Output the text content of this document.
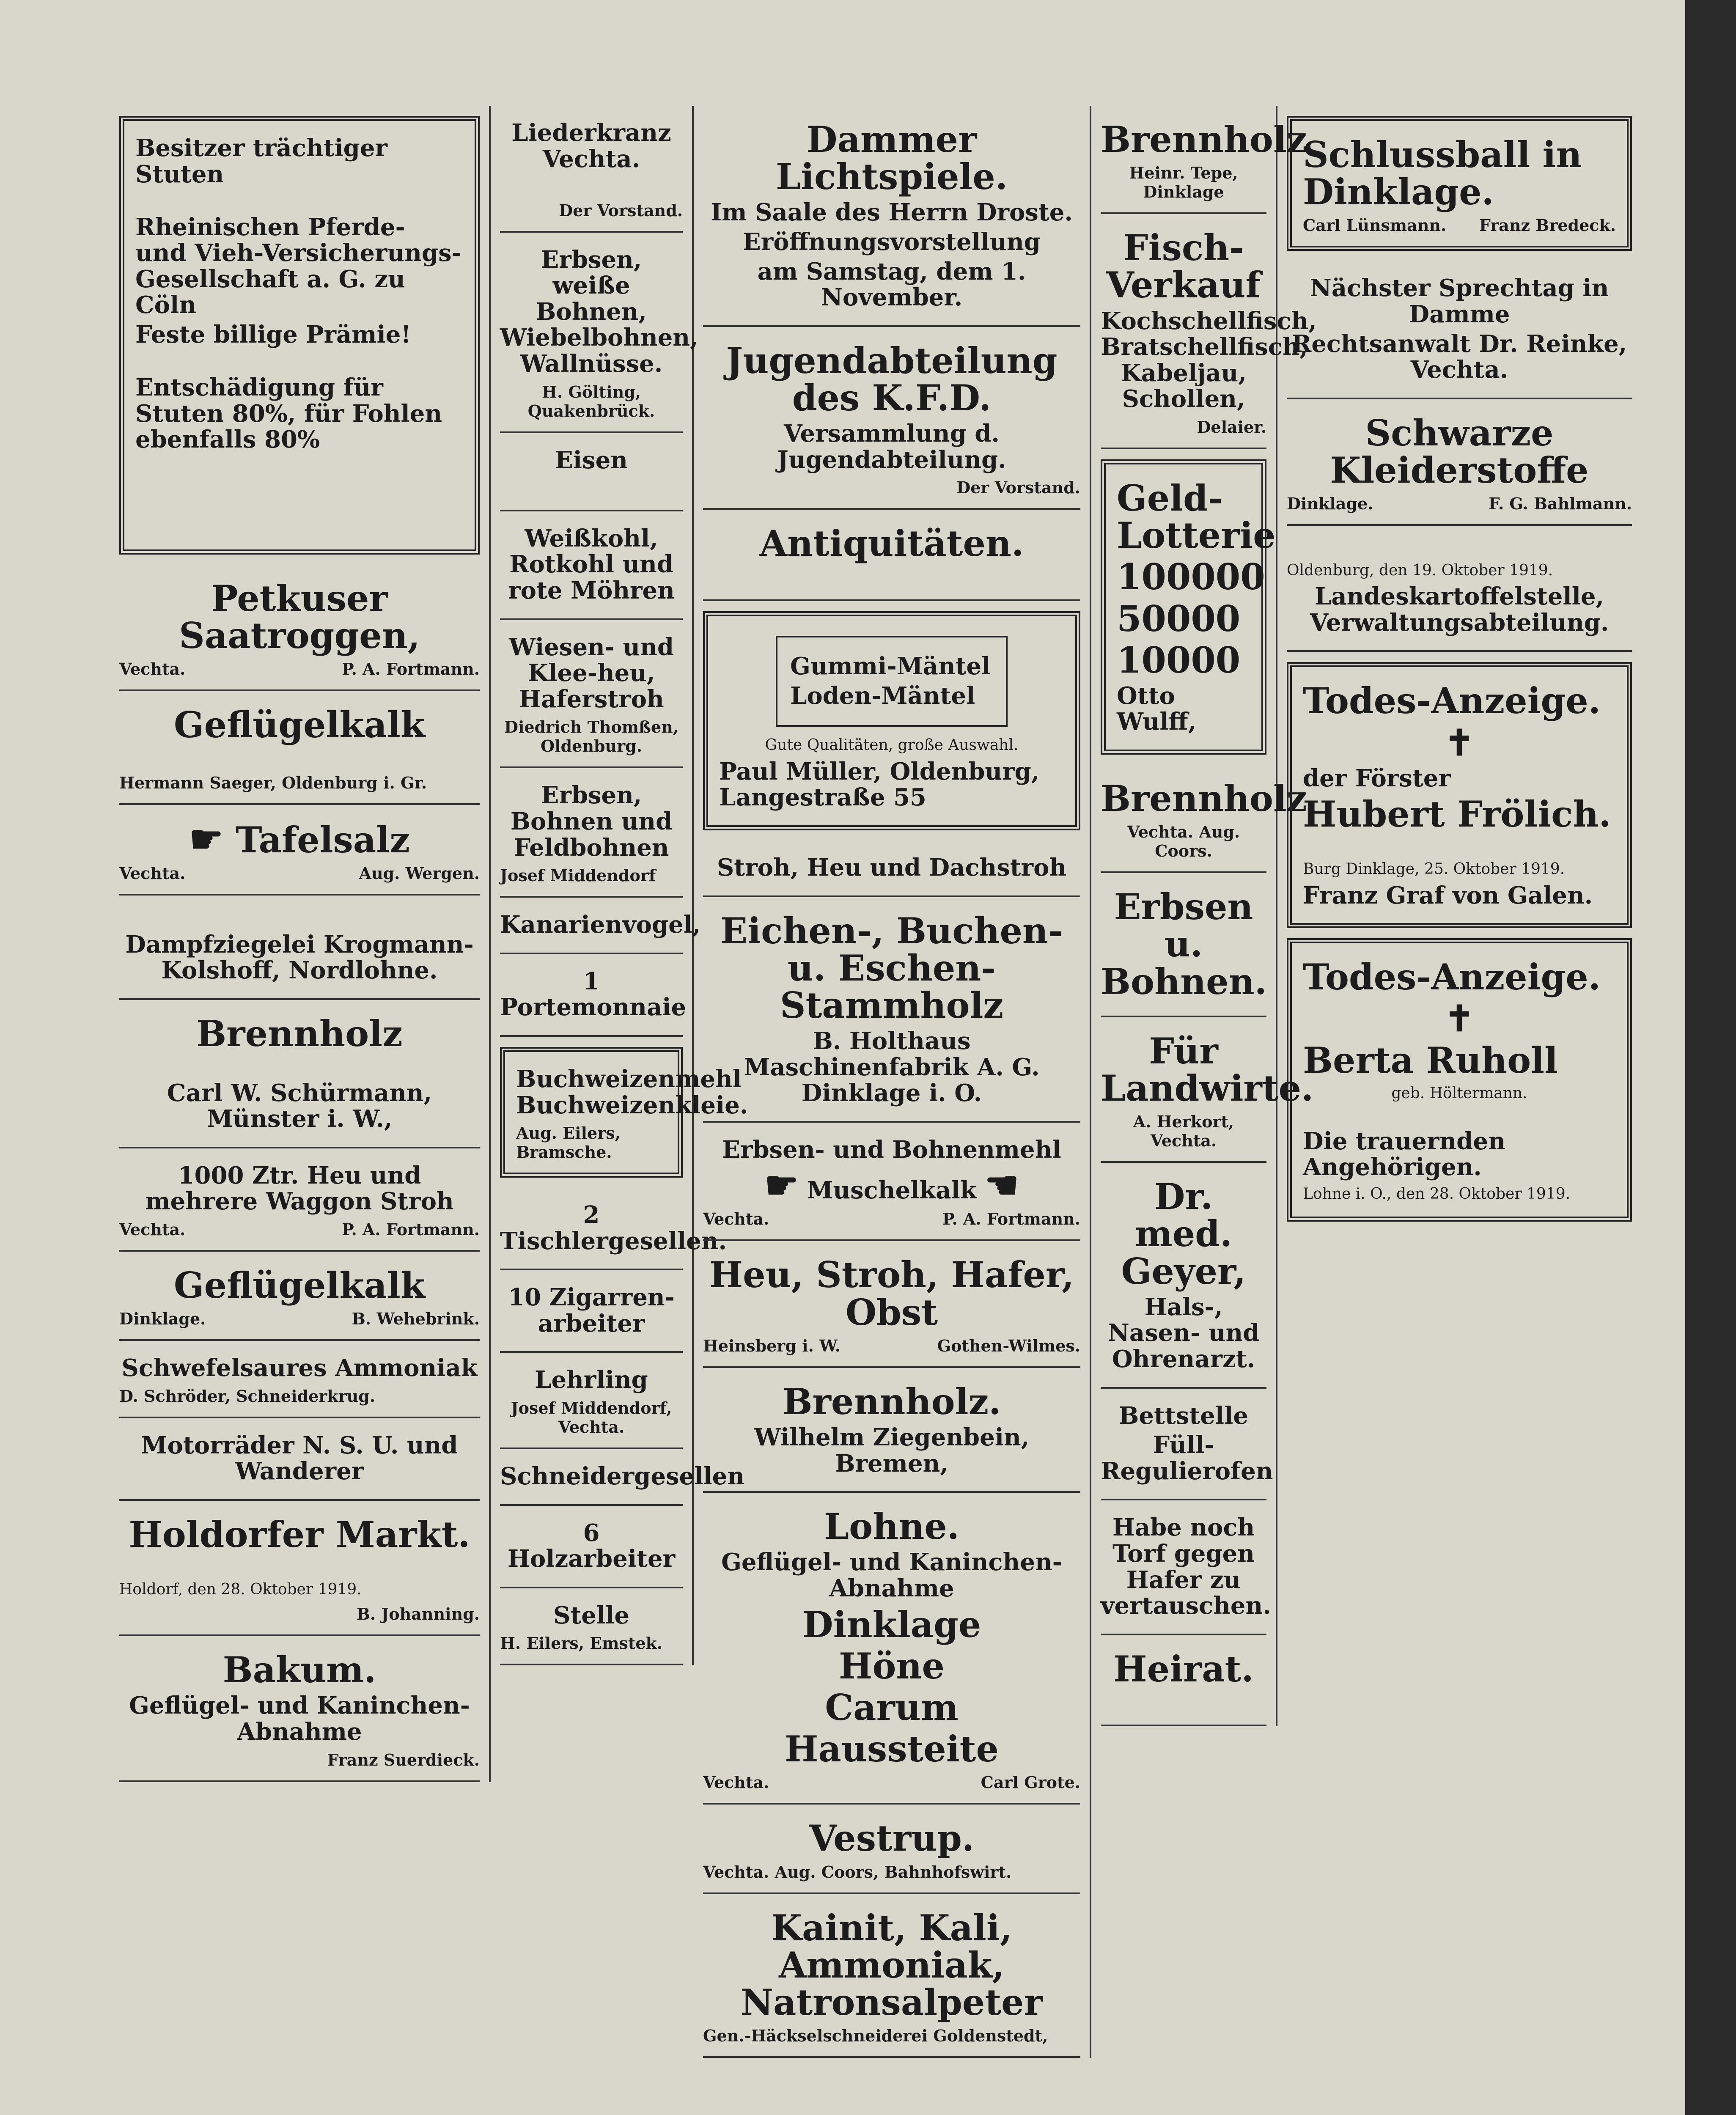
Besitzer trächtiger Stuten

Rheinischen Pferde- und Vieh-Versicherungs-Gesellschaft a. G. zu Cöln
Feste billige Prämie!

Entschädigung für Stuten 80%, für Fohlen ebenfalls 80%

Petkuser Saatroggen,
Vechta.	P. A. Fortmann.
Geflügelkalk

Hermann Saeger, Oldenburg i. Gr.
☛ Tafelsalz
Vechta.	Aug. Wergen.

Dampfziegelei Krogmann-Kolshoff, Nordlohne.
Brennholz

Carl W. Schürmann, Münster i. W.,
1000 Ztr. Heu und mehrere Waggon Stroh
Vechta.	P. A. Fortmann.
Geflügelkalk
Dinklage.	B. Wehebrink.
Schwefelsaures Ammoniak
D. Schröder, Schneiderkrug.
Motorräder N. S. U. und Wanderer
Holdorfer Markt.

Holdorf, den 28. Oktober 1919.
B. Johanning.
Bakum.
Geflügel- und Kaninchen-Abnahme
Franz Suerdieck.
Liederkranz Vechta.

Der Vorstand.
Erbsen, weiße Bohnen, Wiebelbohnen, Wallnüsse.
H. Gölting, Quakenbrück.
Eisen

Weißkohl, Rotkohl und rote Möhren
Wiesen- und Klee-heu, Haferstroh
Diedrich Thomßen, Oldenburg.
Erbsen, Bohnen und Feldbohnen
Josef Middendorf
Kanarienvogel,
1 Portemonnaie
Buchweizenmehl Buchweizenkleie.
Aug. Eilers, Bramsche.
2 Tischlergesellen.
10 Zigarren-arbeiter
Lehrling
Josef Middendorf, Vechta.
Schneidergesellen
6 Holzarbeiter
Stelle
H. Eilers, Emstek.
Dammer Lichtspiele.
Im Saale des Herrn Droste.
Eröffnungsvorstellung
am Samstag, dem 1. November.
Jugendabteilung des K.F.D.
Versammlung d. Jugendabteilung.
Der Vorstand.
Antiquitäten.

Gummi-Mäntel
Loden-Mäntel
Gute Qualitäten, große Auswahl.
Paul Müller, Oldenburg, Langestraße 55
Stroh, Heu und Dachstroh
Eichen-, Buchen- u. Eschen-Stammholz
B. Holthaus Maschinenfabrik A. G. Dinklage i. O.
Erbsen- und Bohnenmehl
☛ Muschelkalk ☚
Vechta.	P. A. Fortmann.
Heu, Stroh, Hafer, Obst
Heinsberg i. W.	Gothen-Wilmes.
Brennholz.
Wilhelm Ziegenbein, Bremen,
Lohne.
Geflügel- und Kaninchen-Abnahme
Dinklage
Höne
Carum
Haussteite
Vechta.	Carl Grote.
Vestrup.
Vechta. Aug. Coors, Bahnhofswirt.
Kainit, Kali, Ammoniak, Natronsalpeter
Gen.-Häckselschneiderei Goldenstedt,
Brennholz
Heinr. Tepe, Dinklage
Fisch-Verkauf
Kochschellfisch, Bratschellfisch, Kabeljau, Schollen,
Delaier.
Geld-Lotterie
100000
50000
10000
Otto Wulff,
Brennholz
Vechta. Aug. Coors.
Erbsen u. Bohnen.
Für Landwirte.
A. Herkort, Vechta.
Dr. med. Geyer,
Hals-, Nasen- und Ohrenarzt.
Bettstelle
Füll-Regulierofen
Habe noch Torf gegen Hafer zu vertauschen.
Heirat.

Schlussball in Dinklage.
Carl Lünsmann. Franz Bredeck.
Nächster Sprechtag in Damme
Rechtsanwalt Dr. Reinke, Vechta.
Schwarze Kleiderstoffe
Dinklage.	F. G. Bahlmann.

Oldenburg, den 19. Oktober 1919.
Landeskartoffelstelle, Verwaltungsabteilung.
Todes-Anzeige.
✝
der Förster
Hubert Frölich.

Burg Dinklage, 25. Oktober 1919.
Franz Graf von Galen.
Todes-Anzeige.
✝
Berta Ruholl
geb. Höltermann.

Die trauernden Angehörigen.
Lohne i. O., den 28. Oktober 1919.
